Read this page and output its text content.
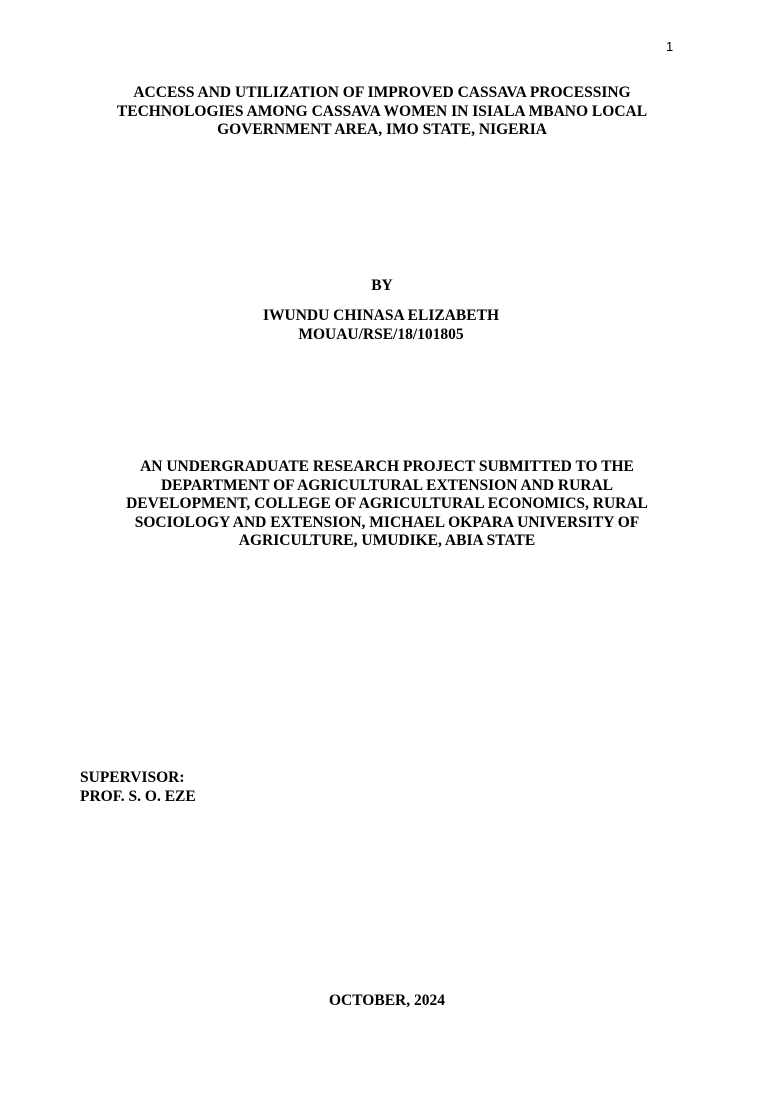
1
ACCESS AND UTILIZATION OF IMPROVED CASSAVA PROCESSING
TECHNOLOGIES AMONG CASSAVA WOMEN IN ISIALA MBANO LOCAL
GOVERNMENT AREA, IMO STATE, NIGERIA
BY
IWUNDU CHINASA ELIZABETH
MOUAU/RSE/18/101805
AN UNDERGRADUATE RESEARCH PROJECT SUBMITTED TO THE
DEPARTMENT OF AGRICULTURAL EXTENSION AND RURAL
DEVELOPMENT, COLLEGE OF AGRICULTURAL ECONOMICS, RURAL
SOCIOLOGY AND EXTENSION, MICHAEL OKPARA UNIVERSITY OF
AGRICULTURE, UMUDIKE, ABIA STATE
SUPERVISOR:
PROF. S. O. EZE
OCTOBER, 2024
